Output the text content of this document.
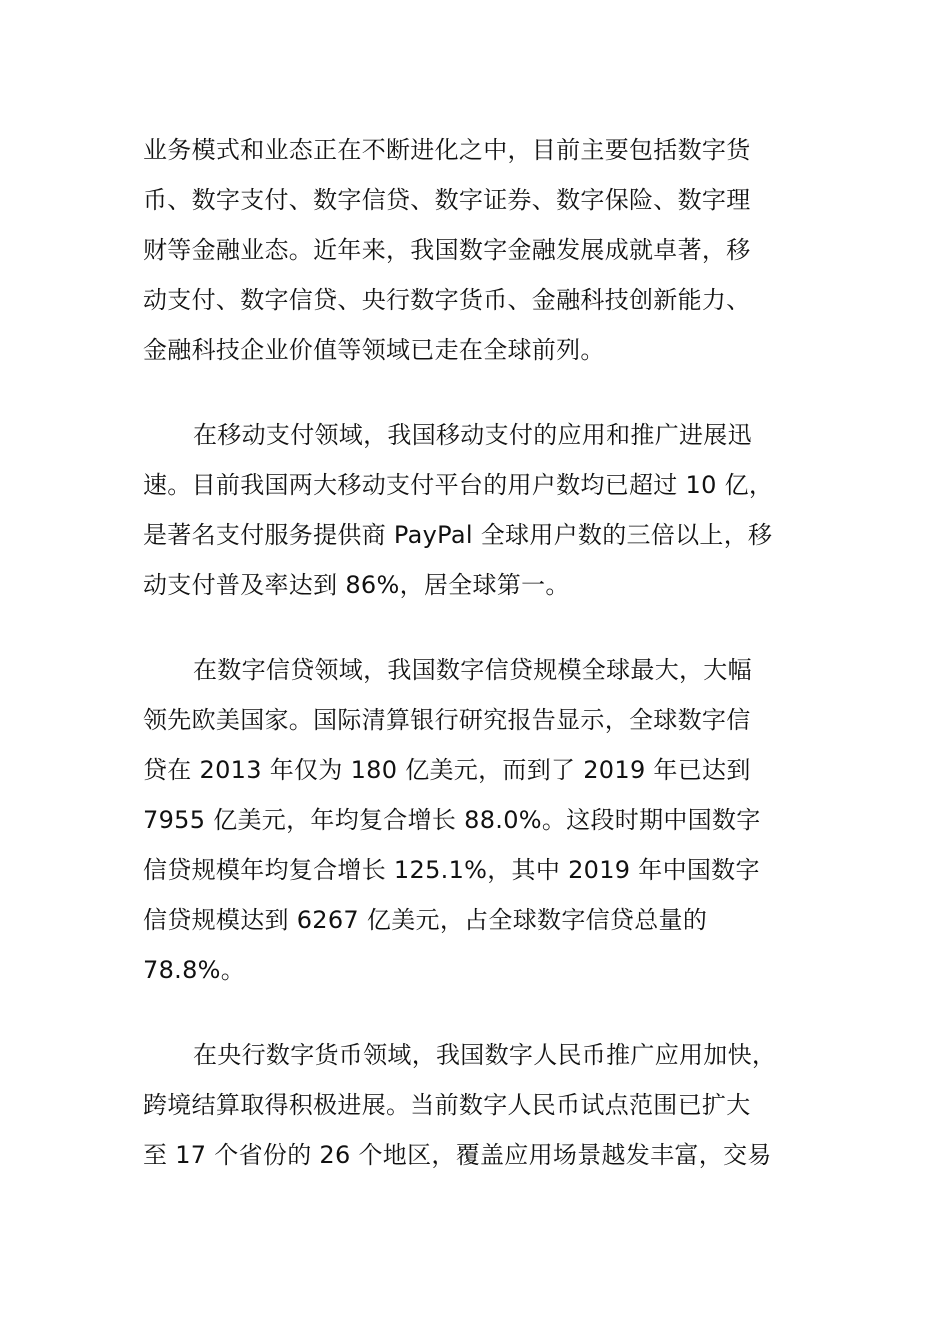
业务模式和业态正在不断进化之中，目前主要包括数字货
币、数字支付、数字信贷、数字证券、数字保险、数字理
财等金融业态。近年来，我国数字金融发展成就卓著，移
动支付、数字信贷、央行数字货币、金融科技创新能力、
金融科技企业价值等领域已走在全球前列。
在移动支付领域，我国移动支付的应用和推广进展迅
速。目前我国两大移动支付平台的用户数均已超过 10 亿，
是著名支付服务提供商 PayPal 全球用户数的三倍以上，移
动支付普及率达到 86%，居全球第一。
在数字信贷领域，我国数字信贷规模全球最大，大幅
领先欧美国家。国际清算银行研究报告显示，全球数字信
贷在 2013 年仅为 180 亿美元，而到了 2019 年已达到
7955 亿美元，年均复合增长 88.0%。这段时期中国数字
信贷规模年均复合增长 125.1%，其中 2019 年中国数字
信贷规模达到 6267 亿美元，占全球数字信贷总量的
78.8%。
在央行数字货币领域，我国数字人民币推广应用加快，
跨境结算取得积极进展。当前数字人民币试点范围已扩大
至 17 个省份的 26 个地区，覆盖应用场景越发丰富，交易
